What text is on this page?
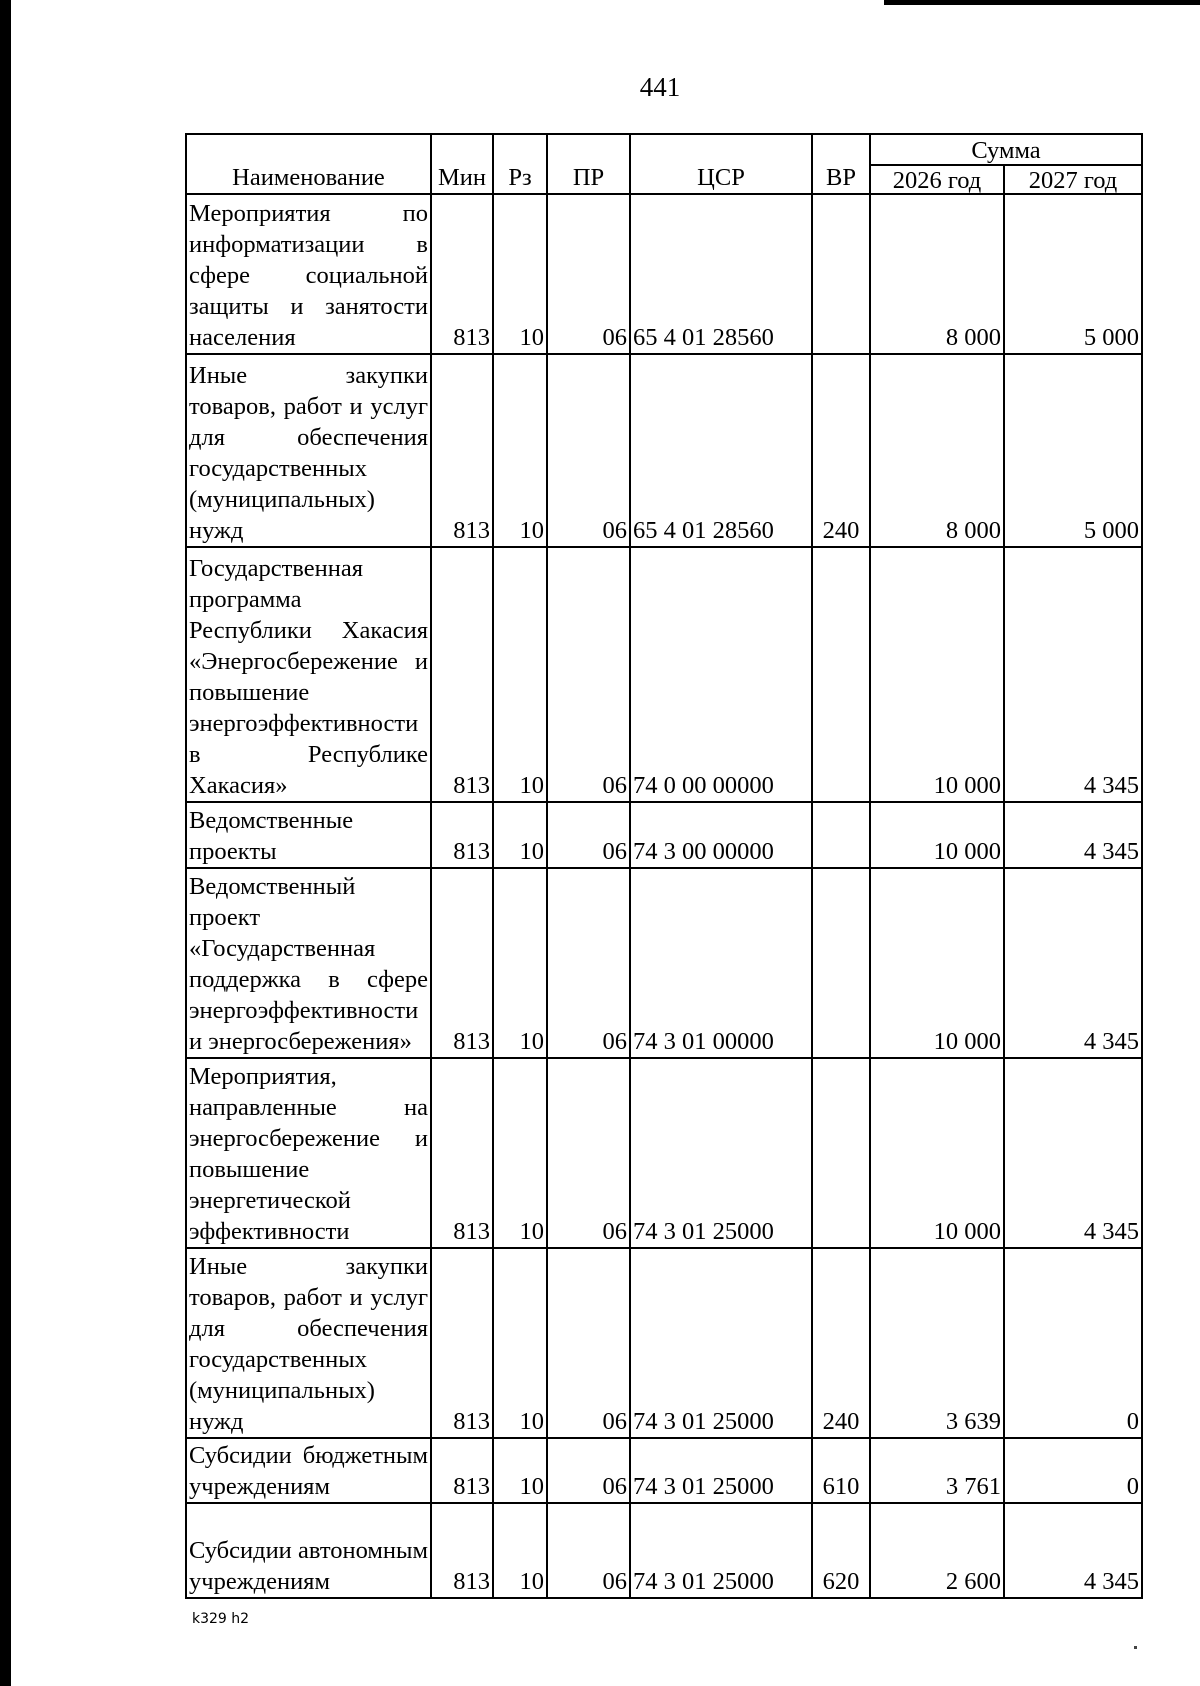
441
Наименование	Мин	Рз	ПР	ЦСР	ВР	Сумма	
						2026 год	2027 год
Мероприятия по информатизации в сфере социальной защиты и занятости населения	813	10	06	65 4 01 28560		8 000	5 000
Иные закупки товаров, работ и услуг для обеспечения государственных (муниципальных) нужд	813	10	06	65 4 01 28560	240	8 000	5 000
Государственная программа Республики Хакасия «Энергосбережение и повышение энергоэффективности в Республике Хакасия»	813	10	06	74 0 00 00000		10 000	4 345
Ведомственные проекты	813	10	06	74 3 00 00000		10 000	4 345
Ведомственный проект «Государственная поддержка в сфере энергоэффективности и энергосбережения»	813	10	06	74 3 01 00000		10 000	4 345
Мероприятия, направленные на энергосбережение и повышение энергетической эффективности	813	10	06	74 3 01 25000		10 000	4 345
Иные закупки товаров, работ и услуг для обеспечения государственных (муниципальных) нужд	813	10	06	74 3 01 25000	240	3 639	0
Субсидии бюджетным учреждениям	813	10	06	74 3 01 25000	610	3 761	0
Субсидии автономным учреждениям	813	10	06	74 3 01 25000	620	2 600	4 345
k329 h2
